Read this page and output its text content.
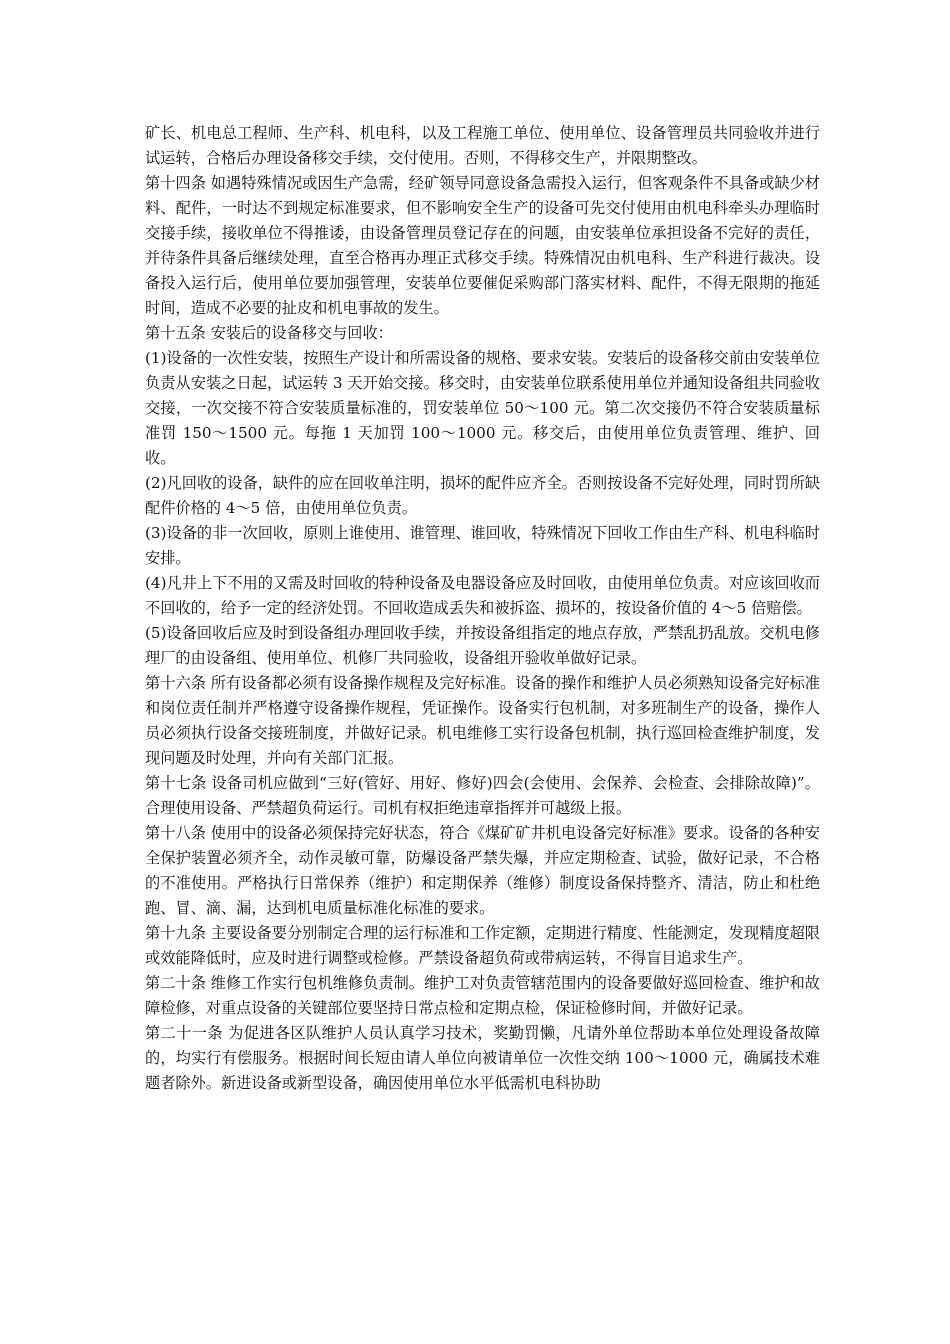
矿长、机电总工程师、生产科、机电科，以及工程施工单位、使用单位、设备管理员共同验收并进行试运转，合格后办理设备移交手续，交付使用。否则，不得移交生产，并限期整改。

第十四条 如遇特殊情况或因生产急需，经矿领导同意设备急需投入运行，但客观条件不具备或缺少材料、配件，一时达不到规定标准要求，但不影响安全生产的设备可先交付使用由机电科牵头办理临时交接手续，接收单位不得推诿，由设备管理员登记存在的问题，由安装单位承担设备不完好的责任，并待条件具备后继续处理，直至合格再办理正式移交手续。特殊情况由机电科、生产科进行裁决。设备投入运行后，使用单位要加强管理，安装单位要催促采购部门落实材料、配件，不得无限期的拖延时间，造成不必要的扯皮和机电事故的发生。

第十五条 安装后的设备移交与回收：

(1)设备的一次性安装，按照生产设计和所需设备的规格、要求安装。安装后的设备移交前由安装单位负责从安装之日起，试运转 3 天开始交接。移交时，由安装单位联系使用单位并通知设备组共同验收交接，一次交接不符合安装质量标准的，罚安装单位 50～100 元。第二次交接仍不符合安装质量标准罚 150～1500 元。每拖 1 天加罚 100～1000 元。移交后，由使用单位负责管理、维护、回收。

(2)凡回收的设备，缺件的应在回收单注明，损坏的配件应齐全。否则按设备不完好处理，同时罚所缺配件价格的 4～5 倍，由使用单位负责。

(3)设备的非一次回收，原则上谁使用、谁管理、谁回收，特殊情况下回收工作由生产科、机电科临时安排。

(4)凡井上下不用的又需及时回收的特种设备及电器设备应及时回收，由使用单位负责。对应该回收而不回收的，给予一定的经济处罚。不回收造成丢失和被拆盗、损坏的，按设备价值的 4～5 倍赔偿。

(5)设备回收后应及时到设备组办理回收手续，并按设备组指定的地点存放，严禁乱扔乱放。交机电修理厂的由设备组、使用单位、机修厂共同验收，设备组开验收单做好记录。

第十六条 所有设备都必须有设备操作规程及完好标准。设备的操作和维护人员必须熟知设备完好标准和岗位责任制并严格遵守设备操作规程，凭证操作。设备实行包机制，对多班制生产的设备，操作人员必须执行设备交接班制度，并做好记录。机电维修工实行设备包机制，执行巡回检查维护制度，发现问题及时处理，并向有关部门汇报。

第十七条 设备司机应做到“三好(管好、用好、修好)四会(会使用、会保养、会检查、会排除故障)”。合理使用设备、严禁超负荷运行。司机有权拒绝违章指挥并可越级上报。

第十八条 使用中的设备必须保持完好状态，符合《煤矿矿井机电设备完好标准》要求。设备的各种安全保护装置必须齐全，动作灵敏可靠，防爆设备严禁失爆，并应定期检查、试验，做好记录，不合格的不准使用。严格执行日常保养（维护）和定期保养（维修）制度设备保持整齐、清洁，防止和杜绝跑、冒、滴、漏，达到机电质量标准化标准的要求。

第十九条 主要设备要分别制定合理的运行标准和工作定额，定期进行精度、性能测定，发现精度超限或效能降低时，应及时进行调整或检修。严禁设备超负荷或带病运转，不得盲目追求生产。

第二十条 维修工作实行包机维修负责制。维护工对负责管辖范围内的设备要做好巡回检查、维护和故障检修，对重点设备的关键部位要坚持日常点检和定期点检，保证检修时间，并做好记录。

第二十一条 为促进各区队维护人员认真学习技术，奖勤罚懒，凡请外单位帮助本单位处理设备故障的，均实行有偿服务。根据时间长短由请人单位向被请单位一次性交纳 100～1000 元，确属技术难题者除外。新进设备或新型设备，确因使用单位水平低需机电科协助
